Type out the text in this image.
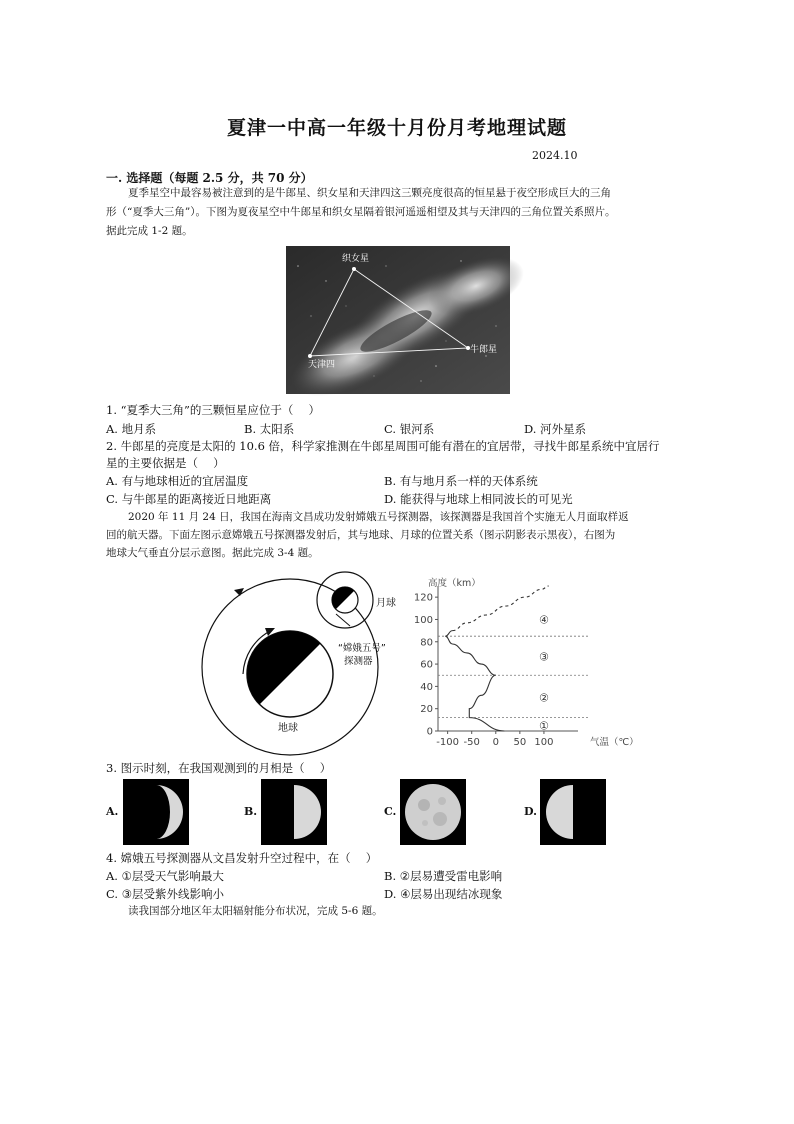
夏津一中高一年级十月份月考地理试题
2024.10
一. 选择题（每题 2.5 分，共 70 分）
夏季星空中最容易被注意到的是牛郎星、织女星和天津四这三颗亮度很高的恒星悬于夜空形成巨大的三角
形（“夏季大三角”）。下图为夏夜星空中牛郎星和织女星隔着银河遥遥相望及其与天津四的三角位置关系照片。
据此完成 1-2 题。
织女星
天津四
牛郎星
1. “夏季大三角”的三颗恒星应位于（　 ）
A. 地月系	B. 太阳系	C. 银河系	D. 河外星系
2. 牛郎星的亮度是太阳的 10.6 倍，科学家推测在牛郎星周围可能有潜在的宜居带，寻找牛郎星系统中宜居行
星的主要依据是（　 ）
A. 有与地球相近的宜居温度	B. 有与地月系一样的天体系统
C. 与牛郎星的距离接近日地距离	D. 能获得与地球上相同波长的可见光
2020 年 11 月 24 日，我国在海南文昌成功发射嫦娥五号探测器，该探测器是我国首个实施无人月面取样返
回的航天器。下面左图示意嫦娥五号探测器发射后，其与地球、月球的位置关系（图示阴影表示黑夜），右图为
地球大气垂直分层示意图。据此完成 3-4 题。
月球
“嫦娥五号”
探测器
地球	0
20
40
60
80
100
120
-100 -50 0 50 100
高度（km）
气温（℃）
①
②
③
④
3. 图示时刻，在我国观测到的月相是（　 ）
A.	B.	C.	D.
4. 嫦娥五号探测器从文昌发射升空过程中，在（　 ）
A. ①层受天气影响最大	B. ②层易遭受雷电影响
C. ③层受紫外线影响小	D. ④层易出现结冰现象
读我国部分地区年太阳辐射能分布状况，完成 5-6 题。
